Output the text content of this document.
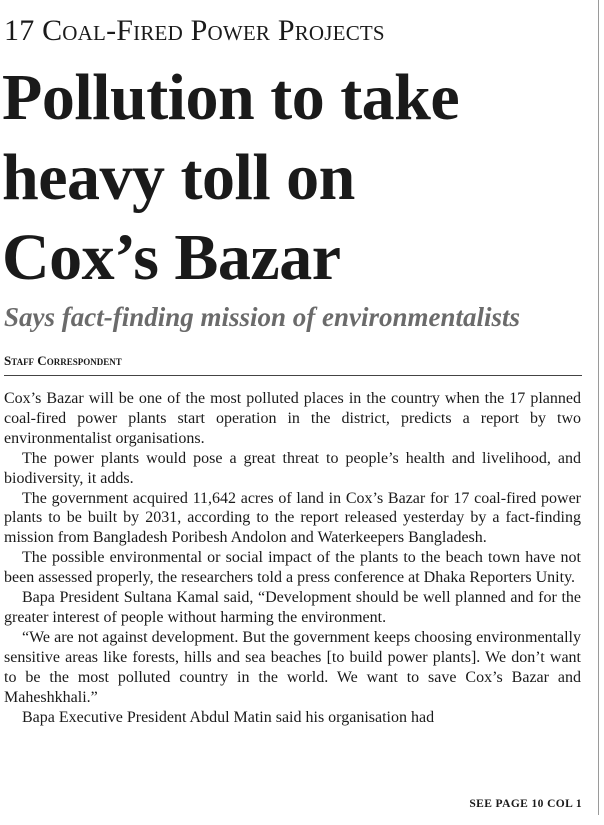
17 Coal-Fired Power Projects
Pollution to take
heavy toll on
Cox’s Bazar
Says fact-finding mission of environmentalists
Staff Correspondent

Cox’s Bazar will be one of the most polluted places in the country when the 17 planned coal-fired power plants start operation in the district, predicts a report by two environmentalist organisations.

The power plants would pose a great threat to people’s health and livelihood, and biodiversity, it adds.

The government acquired 11,642 acres of land in Cox’s Bazar for 17 coal-fired power plants to be built by 2031, according to the report released yesterday by a fact-finding mission from Bangladesh Poribesh Andolon and Waterkeepers Bangladesh.

The possible environmental or social impact of the plants to the beach town have not been assessed properly, the researchers told a press conference at Dhaka Reporters Unity.

Bapa President Sultana Kamal said, “Development should be well planned and for the greater interest of people without harming the environment.

“We are not against development. But the government keeps choosing environmentally sensitive areas like forests, hills and sea beaches [to build power plants]. We don’t want to be the most polluted country in the world. We want to save Cox’s Bazar and Maheshkhali.”

Bapa Executive President Abdul Matin said his organisation had

SEE PAGE 10 COL 1
